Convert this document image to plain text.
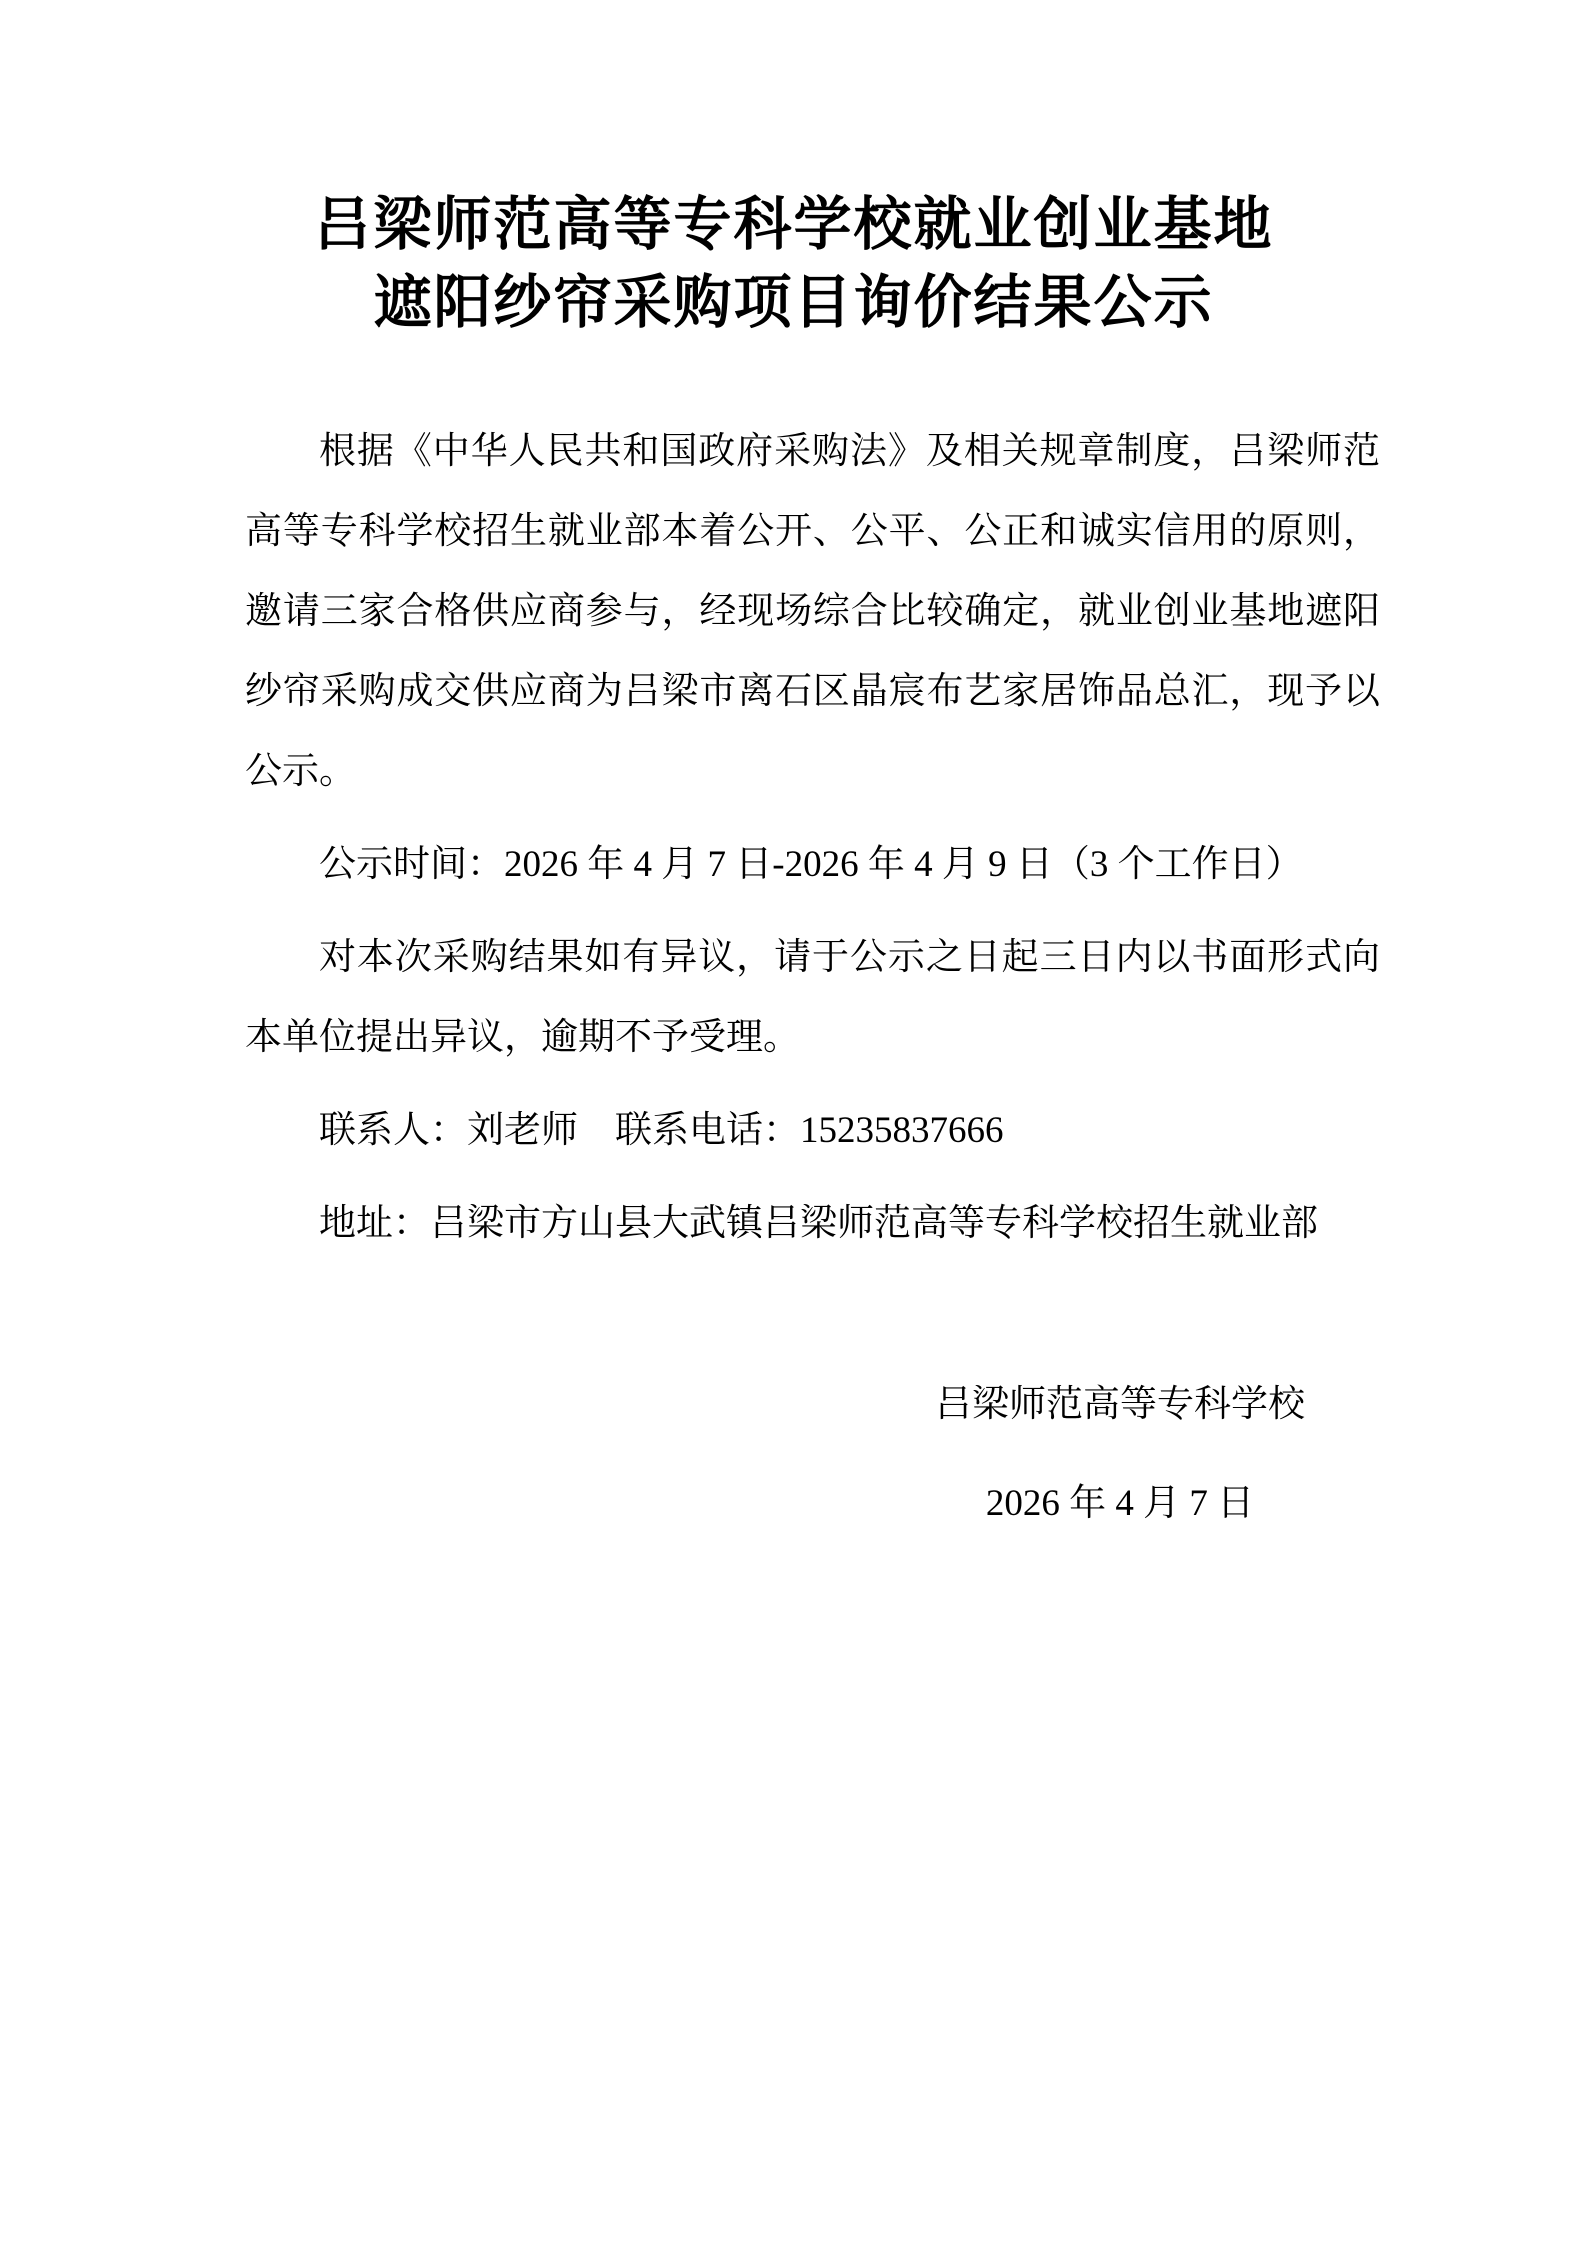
吕梁师范高等专科学校就业创业基地
遮阳纱帘采购项目询价结果公示

根据《中华人民共和国政府采购法》及相关规章制度，吕梁师范高等专科学校招生就业部本着公开、公平、公正和诚实信用的原则，邀请三家合格供应商参与，经现场综合比较确定，就业创业基地遮阳纱帘采购成交供应商为吕梁市离石区晶宸布艺家居饰品总汇，现予以公示。

公示时间：2026 年 4 月 7 日-2026 年 4 月 9 日（3 个工作日）

对本次采购结果如有异议，请于公示之日起三日内以书面形式向本单位提出异议，逾期不予受理。

联系人：刘老师　联系电话：15235837666

地址：吕梁市方山县大武镇吕梁师范高等专科学校招生就业部

吕梁师范高等专科学校

2026 年 4 月 7 日
